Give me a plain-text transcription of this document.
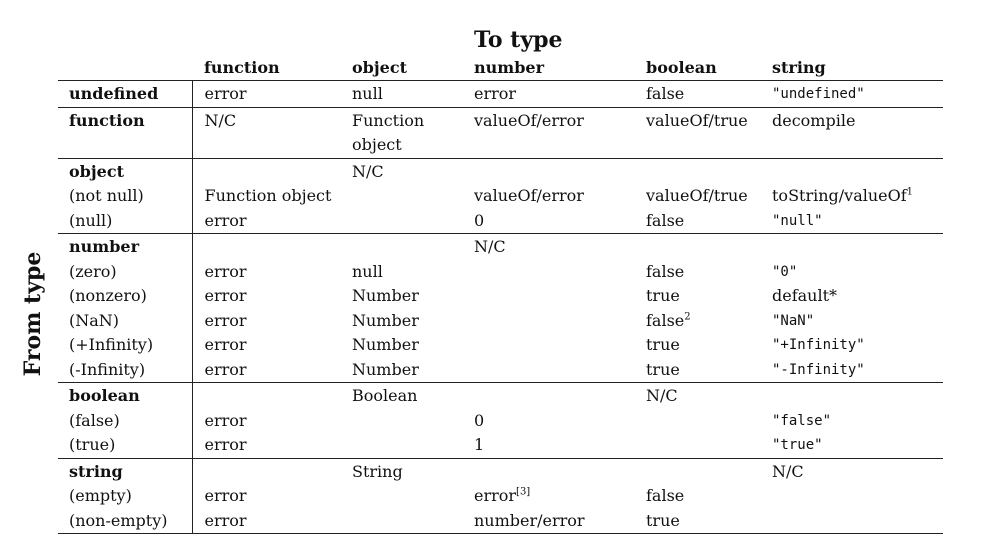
From type
To type
	function	object	number	boolean	string
undefined	error	null	error	false	"undefined"
function	N/C	Function object	valueOf/error	valueOf/true	decompile
object		N/C			
(not null)	Function object		valueOf/error	valueOf/true	toString/valueOf$^1$
(null)	error		0	false	"null"
number			N/C		
(zero)	error	null		false	"0"
(nonzero)	error	Number		true	default*
(NaN)	error	Number		false$^2$	"NaN"
(+Infinity)	error	Number		true	"+Infinity"
(-Infinity)	error	Number		true	"-Infinity"
boolean		Boolean		N/C	
(false)	error		0		"false"
(true)	error		1		"true"
string		String			N/C
(empty)	error		error[3]	false	
(non-empty)	error		number/error	true	
